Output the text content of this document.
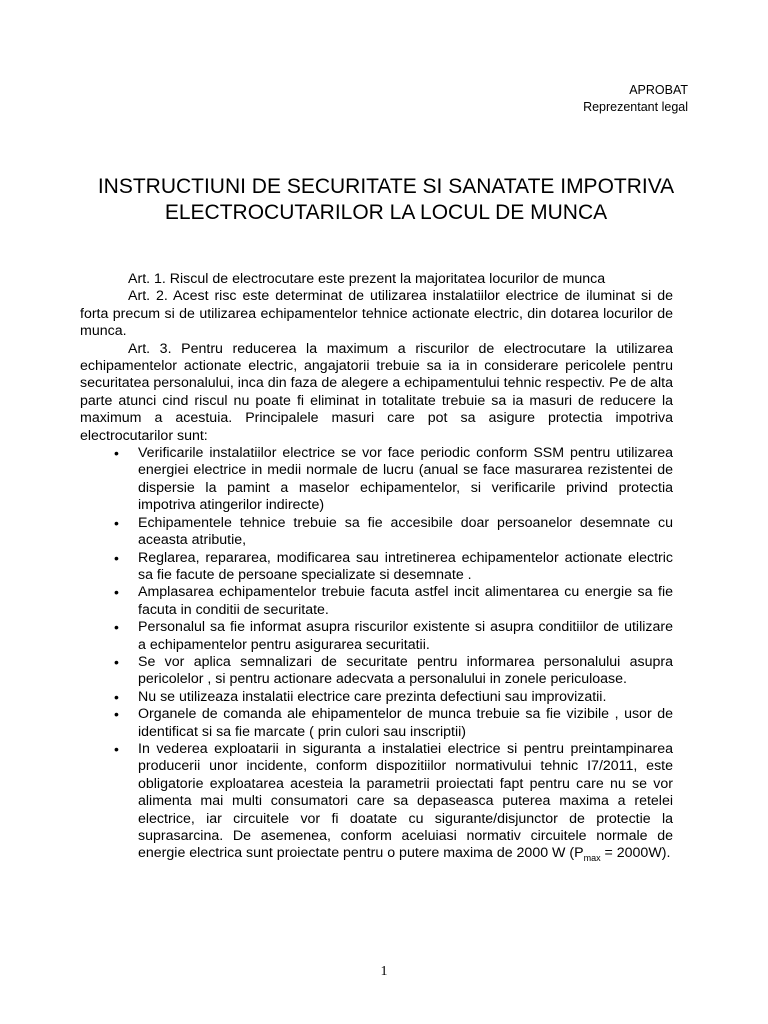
APROBAT
Reprezentant legal
INSTRUCTIUNI DE SECURITATE SI SANATATE IMPOTRIVA ELECTROCUTARILOR LA LOCUL DE MUNCA

Art. 1. Riscul de electrocutare este prezent la majoritatea locurilor de munca

Art. 2. Acest risc este determinat de utilizarea instalatiilor electrice de iluminat si de forta precum si de utilizarea echipamentelor tehnice actionate electric, din dotarea locurilor de munca.

Art. 3. Pentru reducerea la maximum a riscurilor de electrocutare la utilizarea echipamentelor actionate electric, angajatorii trebuie sa ia in considerare pericolele pentru securitatea personalului, inca din faza de alegere a echipamentului tehnic respectiv. Pe de alta parte atunci cind riscul nu poate fi eliminat in totalitate trebuie sa ia masuri de reducere la maximum a acestuia. Principalele masuri care pot sa asigure protectia impotriva electrocutarilor sunt:

• Verificarile instalatiilor electrice se vor face periodic conform SSM pentru utilizarea energiei electrice in medii normale de lucru (anual se face masurarea rezistentei de dispersie la pamint a maselor echipamentelor, si verificarile privind protectia impotriva atingerilor indirecte)
• Echipamentele tehnice trebuie sa fie accesibile doar persoanelor desemnate cu aceasta atributie,
• Reglarea, repararea, modificarea sau intretinerea echipamentelor actionate electric sa fie facute de persoane specializate si desemnate .
• Amplasarea echipamentelor trebuie facuta astfel incit alimentarea cu energie sa fie facuta in conditii de securitate.
• Personalul sa fie informat asupra riscurilor existente si asupra conditiilor de utilizare a echipamentelor pentru asigurarea securitatii.
• Se vor aplica semnalizari de securitate pentru informarea personalului asupra pericolelor , si pentru actionare adecvata a personalului in zonele periculoase.
• Nu se utilizeaza instalatii electrice care prezinta defectiuni sau improvizatii.
• Organele de comanda ale ehipamentelor de munca trebuie sa fie vizibile , usor de identificat si sa fie marcate ( prin culori sau inscriptii)
• In vederea exploatarii in siguranta a instalatiei electrice si pentru preintampinarea producerii unor incidente, conform dispozitiilor normativului tehnic I7/2011, este obligatorie exploatarea acesteia la parametrii proiectati fapt pentru care nu se vor alimenta mai multi consumatori care sa depaseasca puterea maxima a retelei electrice, iar circuitele vor fi doatate cu sigurante/disjunctor de protectie la suprasarcina. De asemenea, conform aceluiasi normativ circuitele normale de energie electrica sunt proiectate pentru o putere maxima de 2000 W $(P_{max} = 2000W)$.
1
